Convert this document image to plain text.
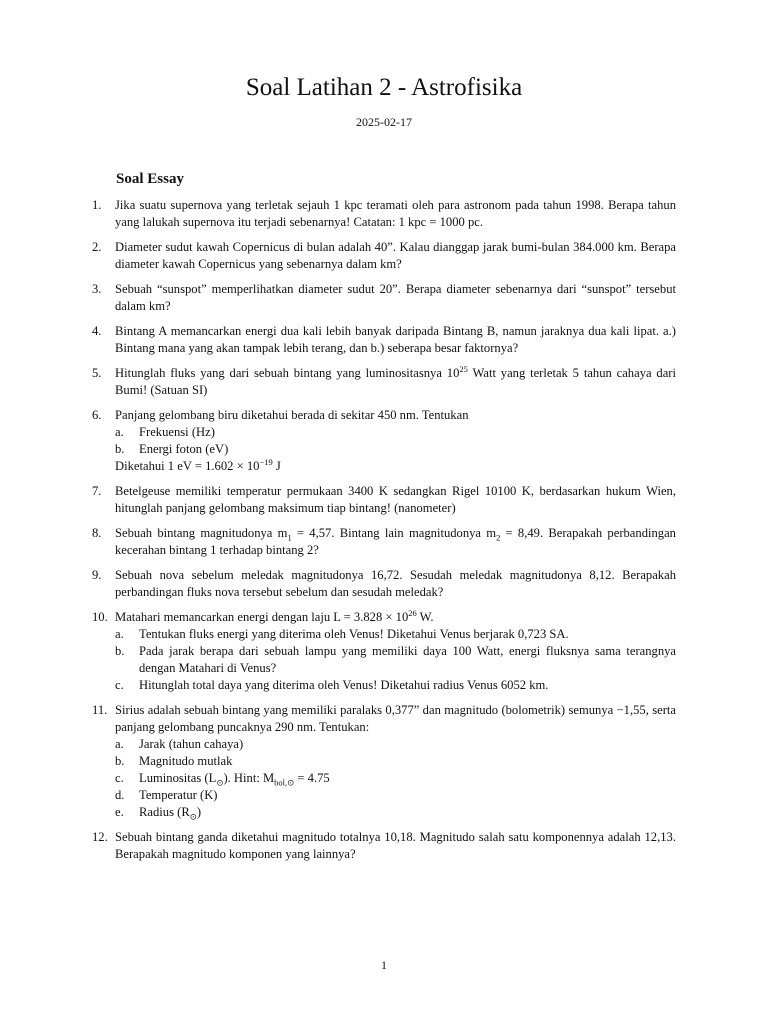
Soal Latihan 2 - Astrofisika
2025-02-17
Soal Essay
1.	Jika suatu supernova yang terletak sejauh 1 kpc teramati oleh para astronom pada tahun 1998. Berapa tahun yang lalukah supernova itu terjadi sebenarnya! Catatan: 1 kpc = 1000 pc.
2.	Diameter sudut kawah Copernicus di bulan adalah 40”. Kalau dianggap jarak bumi-bulan 384.000 km. Berapa diameter kawah Copernicus yang sebenarnya dalam km?
3.	Sebuah “sunspot” memperlihatkan diameter sudut 20”. Berapa diameter sebenarnya dari “sunspot” tersebut dalam km?
4.	Bintang A memancarkan energi dua kali lebih banyak daripada Bintang B, namun jaraknya dua kali lipat. a.) Bintang mana yang akan tampak lebih terang, dan b.) seberapa besar faktornya?
5.	Hitunglah fluks yang dari sebuah bintang yang luminositasnya $10^{25}$ Watt yang terletak 5 tahun cahaya dari Bumi! (Satuan SI)
6.	Panjang gelombang biru diketahui berada di sekitar 450 nm. Tentukan
a.	Frekuensi (Hz)
b.	Energi foton (eV)
Diketahui 1 eV = $1.602 \times 10^{-19}$ J
7.	Betelgeuse memiliki temperatur permukaan 3400 K sedangkan Rigel 10100 K, berdasarkan hukum Wien, hitunglah panjang gelombang maksimum tiap bintang! (nanometer)
8.	Sebuah bintang magnitudonya $m_1 = 4,57$. Bintang lain magnitudonya $m_2 = 8,49$. Berapakah perbandingan kecerahan bintang 1 terhadap bintang 2?
9.	Sebuah nova sebelum meledak magnitudonya 16,72. Sesudah meledak magnitudonya 8,12. Berapakah perbandingan fluks nova tersebut sebelum dan sesudah meledak?
10. Matahari memancarkan energi dengan laju $L = 3.828 \times 10^{26}$ W.
a.	Tentukan fluks energi yang diterima oleh Venus! Diketahui Venus berjarak 0,723 SA.
b.	Pada jarak berapa dari sebuah lampu yang memiliki daya 100 Watt, energi fluksnya sama terangnya dengan Matahari di Venus?
c.	Hitunglah total daya yang diterima oleh Venus! Diketahui radius Venus 6052 km.
11. Sirius adalah sebuah bintang yang memiliki paralaks 0,377” dan magnitudo (bolometrik) semunya −1,55, serta panjang gelombang puncaknya 290 nm. Tentukan:
a.	Jarak (tahun cahaya)
b.	Magnitudo mutlak
c.	Luminositas $(L_⊙)$. Hint: $M_{bol,⊙} = 4.75$
d.	Temperatur (K)
e.	Radius $(R_⊙)$
12. Sebuah bintang ganda diketahui magnitudo totalnya 10,18. Magnitudo salah satu komponennya adalah 12,13. Berapakah magnitudo komponen yang lainnya?
1
